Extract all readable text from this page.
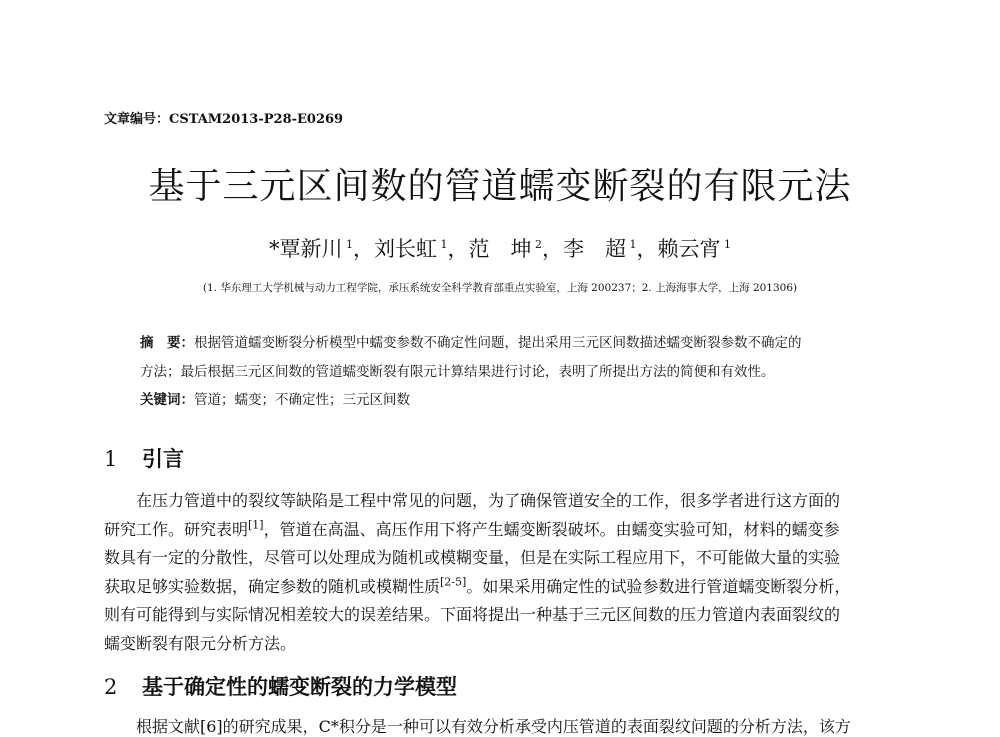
文章编号：CSTAM2013-P28-E0269
基于三元区间数的管道蠕变断裂的有限元法
*覃新川 $^1$，刘长虹 $^1$，范　坤 $^2$，李　超 $^1$，赖云宵 $^1$
(1. 华东理工大学机械与动力工程学院，承压系统安全科学教育部重点实验室，上海 200237；2. 上海海事大学，上海 201306)
摘　要：根据管道蠕变断裂分析模型中蠕变参数不确定性问题，提出采用三元区间数描述蠕变断裂参数不确定的
方法；最后根据三元区间数的管道蠕变断裂有限元计算结果进行讨论，表明了所提出方法的简便和有效性。
关键词：管道；蠕变；不确定性；三元区间数
1 引言
　　在压力管道中的裂纹等缺陷是工程中常见的问题，为了确保管道安全的工作，很多学者进行这方面的
研究工作。研究表明[1]，管道在高温、高压作用下将产生蠕变断裂破坏。由蠕变实验可知，材料的蠕变参
数具有一定的分散性，尽管可以处理成为随机或模糊变量，但是在实际工程应用下，不可能做大量的实验
获取足够实验数据，确定参数的随机或模糊性质[2-5]。如果采用确定性的试验参数进行管道蠕变断裂分析，
则有可能得到与实际情况相差较大的误差结果。下面将提出一种基于三元区间数的压力管道内表面裂纹的
蠕变断裂有限元分析方法。
2 基于确定性的蠕变断裂的力学模型
　　根据文献[6]的研究成果，C*积分是一种可以有效分析承受内压管道的表面裂纹问题的分析方法，该方
